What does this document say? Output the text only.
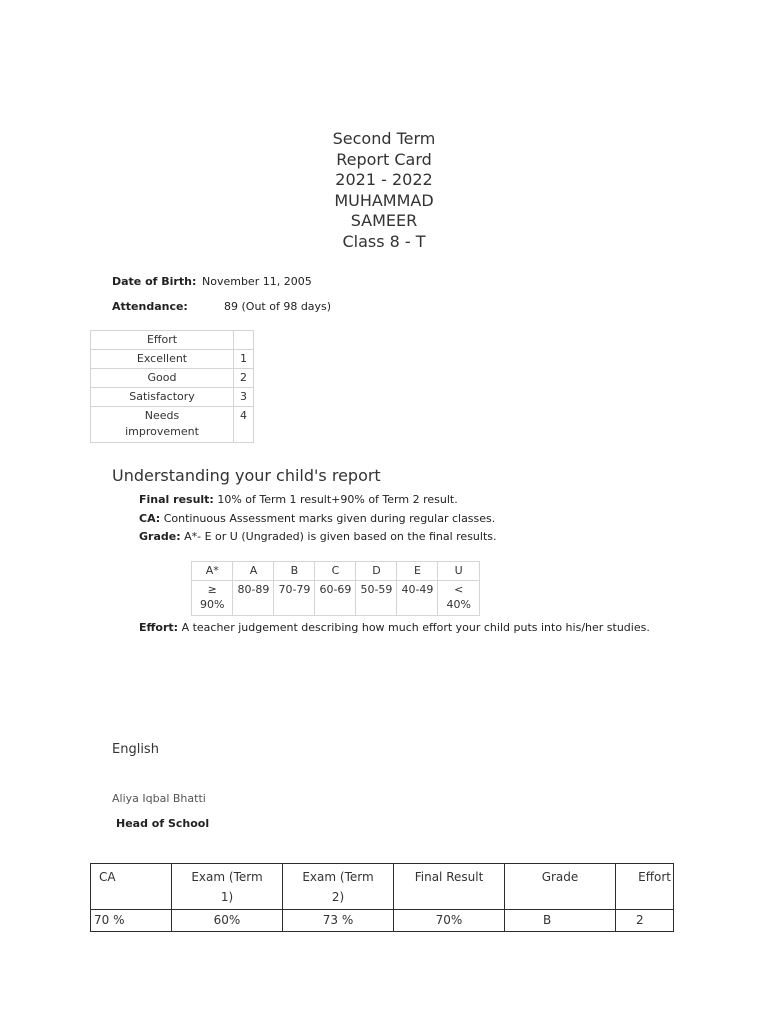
Second Term
Report Card
2021 - 2022
MUHAMMAD
SAMEER
Class 8 - T
Date of Birth: November 11, 2005
Attendance:	89 (Out of 98 days)
Effort	
Excellent	1
Good	2
Satisfactory	3
Needs improvement	4
Understanding your child's report
Final result: 10% of Term 1 result+90% of Term 2 result.
CA: Continuous Assessment marks given during regular classes.
Grade: A*- E or U (Ungraded) is given based on the final results.
A*	A	B	C	D	E	U
≥ 90%	80-89	70-79	60-69	50-59	40-49	< 40%
Effort: A teacher judgement describing how much effort your child puts into his/her studies.
English
Aliya Iqbal Bhatti
Head of School
CA	Exam (Term 1)	Exam (Term 2)	Final Result	Grade	Effort
70 %	60%	73 %	70%	B	2
